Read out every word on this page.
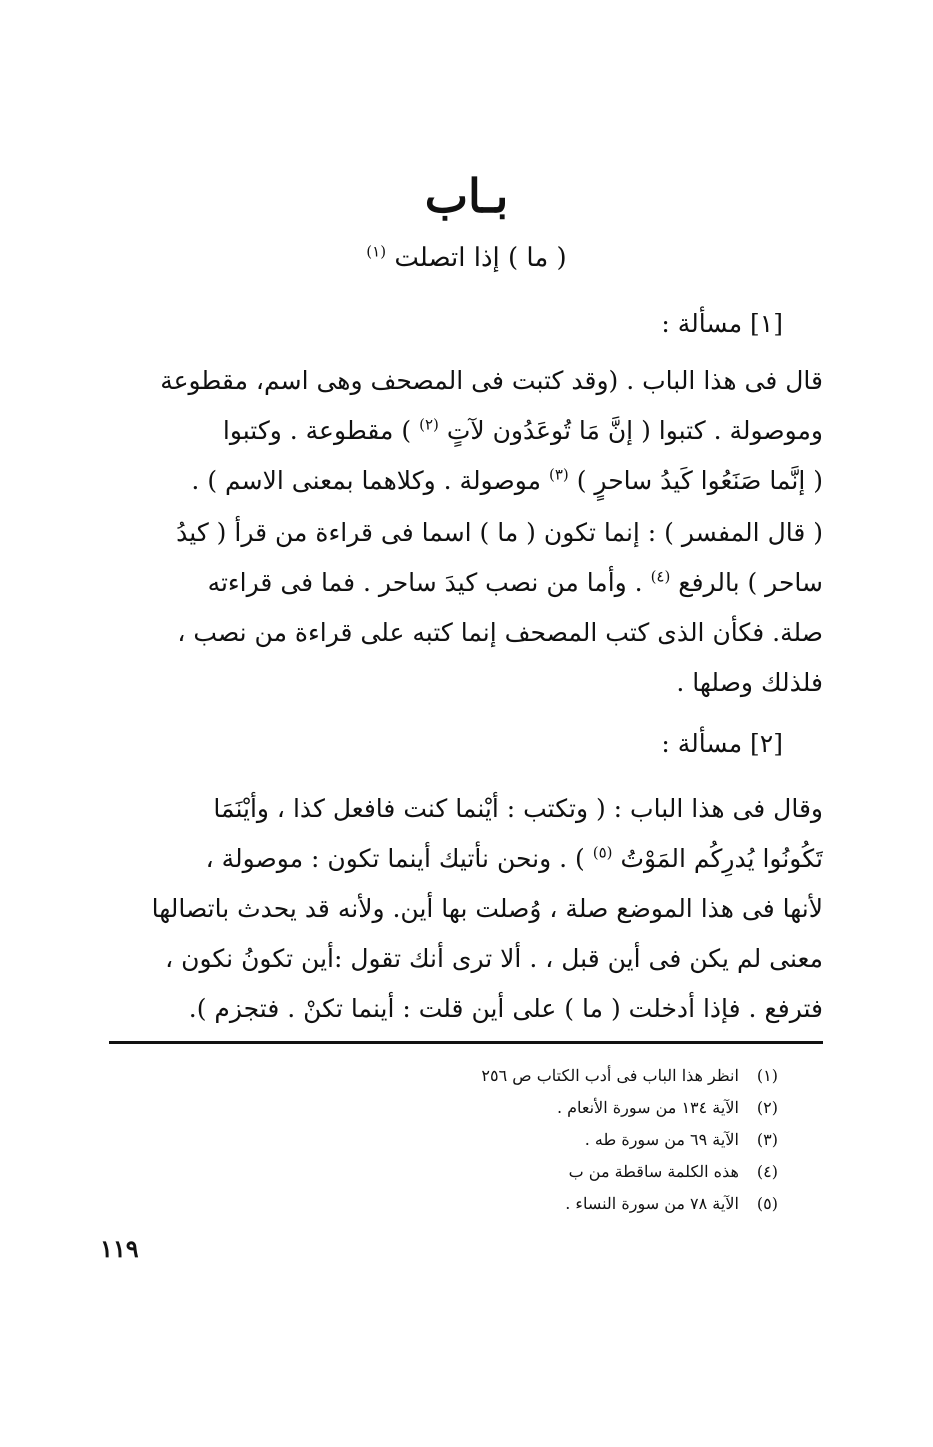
بـاب
( ما ) إذا اتصلت $^{(١)}$
[١] مسألة :
قال فى هذا الباب . (وقد كتبت فى المصحف وهى اسم، مقطوعة
وموصولة . كتبوا ( إنَّ مَا تُوعَدُون لآتٍ $^{(٢)}$ ) مقطوعة . وكتبوا
( إنَّما صَنَعُوا كَيدُ ساحرٍ ) $^{(٣)}$ موصولة . وكلاهما بمعنى الاسم ) .
( قال المفسر ) : إنما تكون ( ما ) اسما فى قراءة من قرأ ( كيدُ
ساحر ) بالرفع $^{(٤)}$ . وأما من نصب كيدَ ساحر . فما فى قراءته
صلة. فكأن الذى كتب المصحف إنما كتبه على قراءة من نصب ،
فلذلك وصلها .
[٢] مسألة :
وقال فى هذا الباب : ( وتكتب : أيْنما كنت فافعل كذا ، وأيْنَمَا
تَكُونُوا يُدرِكُم المَوْتُ $^{(٥)}$ ) . ونحن نأتيك أينما تكون : موصولة ،
لأنها فى هذا الموضع صلة ، وُصلت بها أين. ولأنه قد يحدث باتصالها
معنى لم يكن فى أين قبل ، . ألا ترى أنك تقول :أين تكونُ نكون ،
فترفع . فإذا أدخلت ( ما ) على أين قلت : أينما تكنْ . فتجزم ).
(١) انظر هذا الباب فى أدب الكتاب ص ٢٥٦
(٢) الآية ١٣٤ من سورة الأنعام .
(٣) الآية ٦٩ من سورة طه .
(٤) هذه الكلمة ساقطة من ب
(٥) الآية ٧٨ من سورة النساء .
١١٩
